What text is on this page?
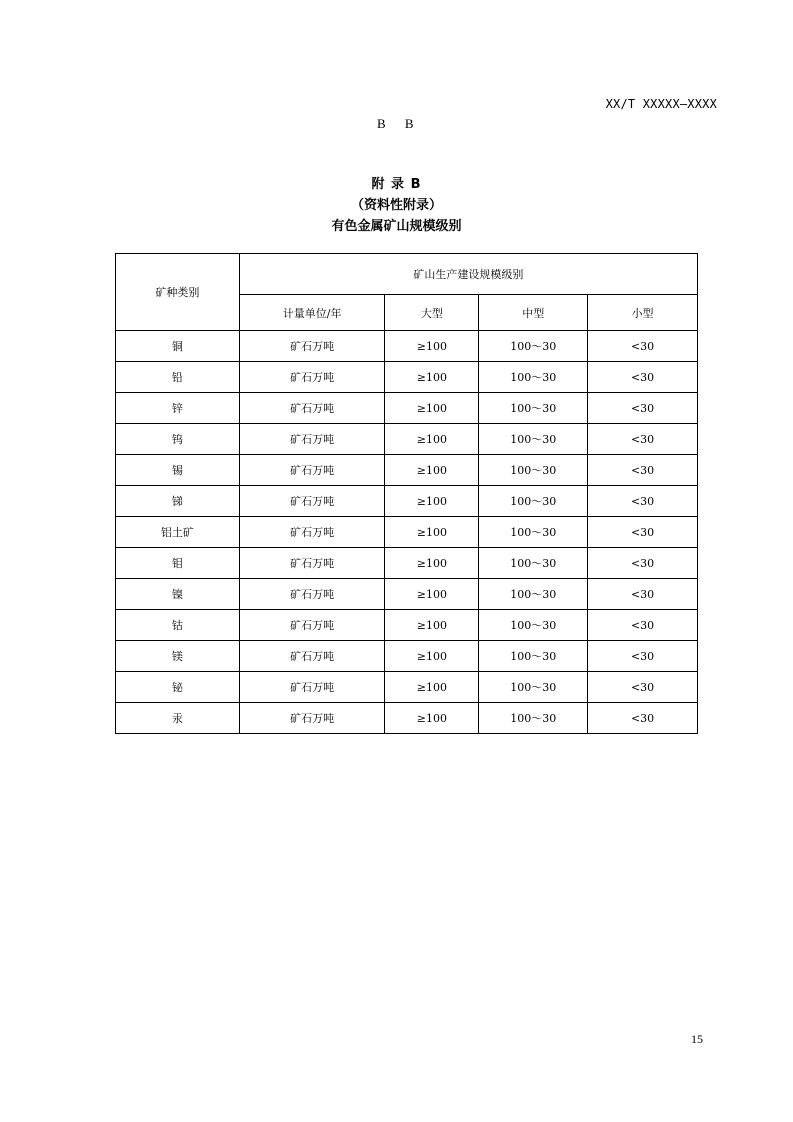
XX/T XXXXX—XXXX
B B
附 录 B
（资料性附录）
有色金属矿山规模级别
矿种类别	矿山生产建设规模级别			
	计量单位/年	大型	中型	小型
铜	矿石万吨	≥100	100～30	<30
铅	矿石万吨	≥100	100～30	<30
锌	矿石万吨	≥100	100～30	<30
钨	矿石万吨	≥100	100～30	<30
锡	矿石万吨	≥100	100～30	<30
锑	矿石万吨	≥100	100～30	<30
铝土矿	矿石万吨	≥100	100～30	<30
钼	矿石万吨	≥100	100～30	<30
镍	矿石万吨	≥100	100～30	<30
钴	矿石万吨	≥100	100～30	<30
镁	矿石万吨	≥100	100～30	<30
铋	矿石万吨	≥100	100～30	<30
汞	矿石万吨	≥100	100～30	<30
15
